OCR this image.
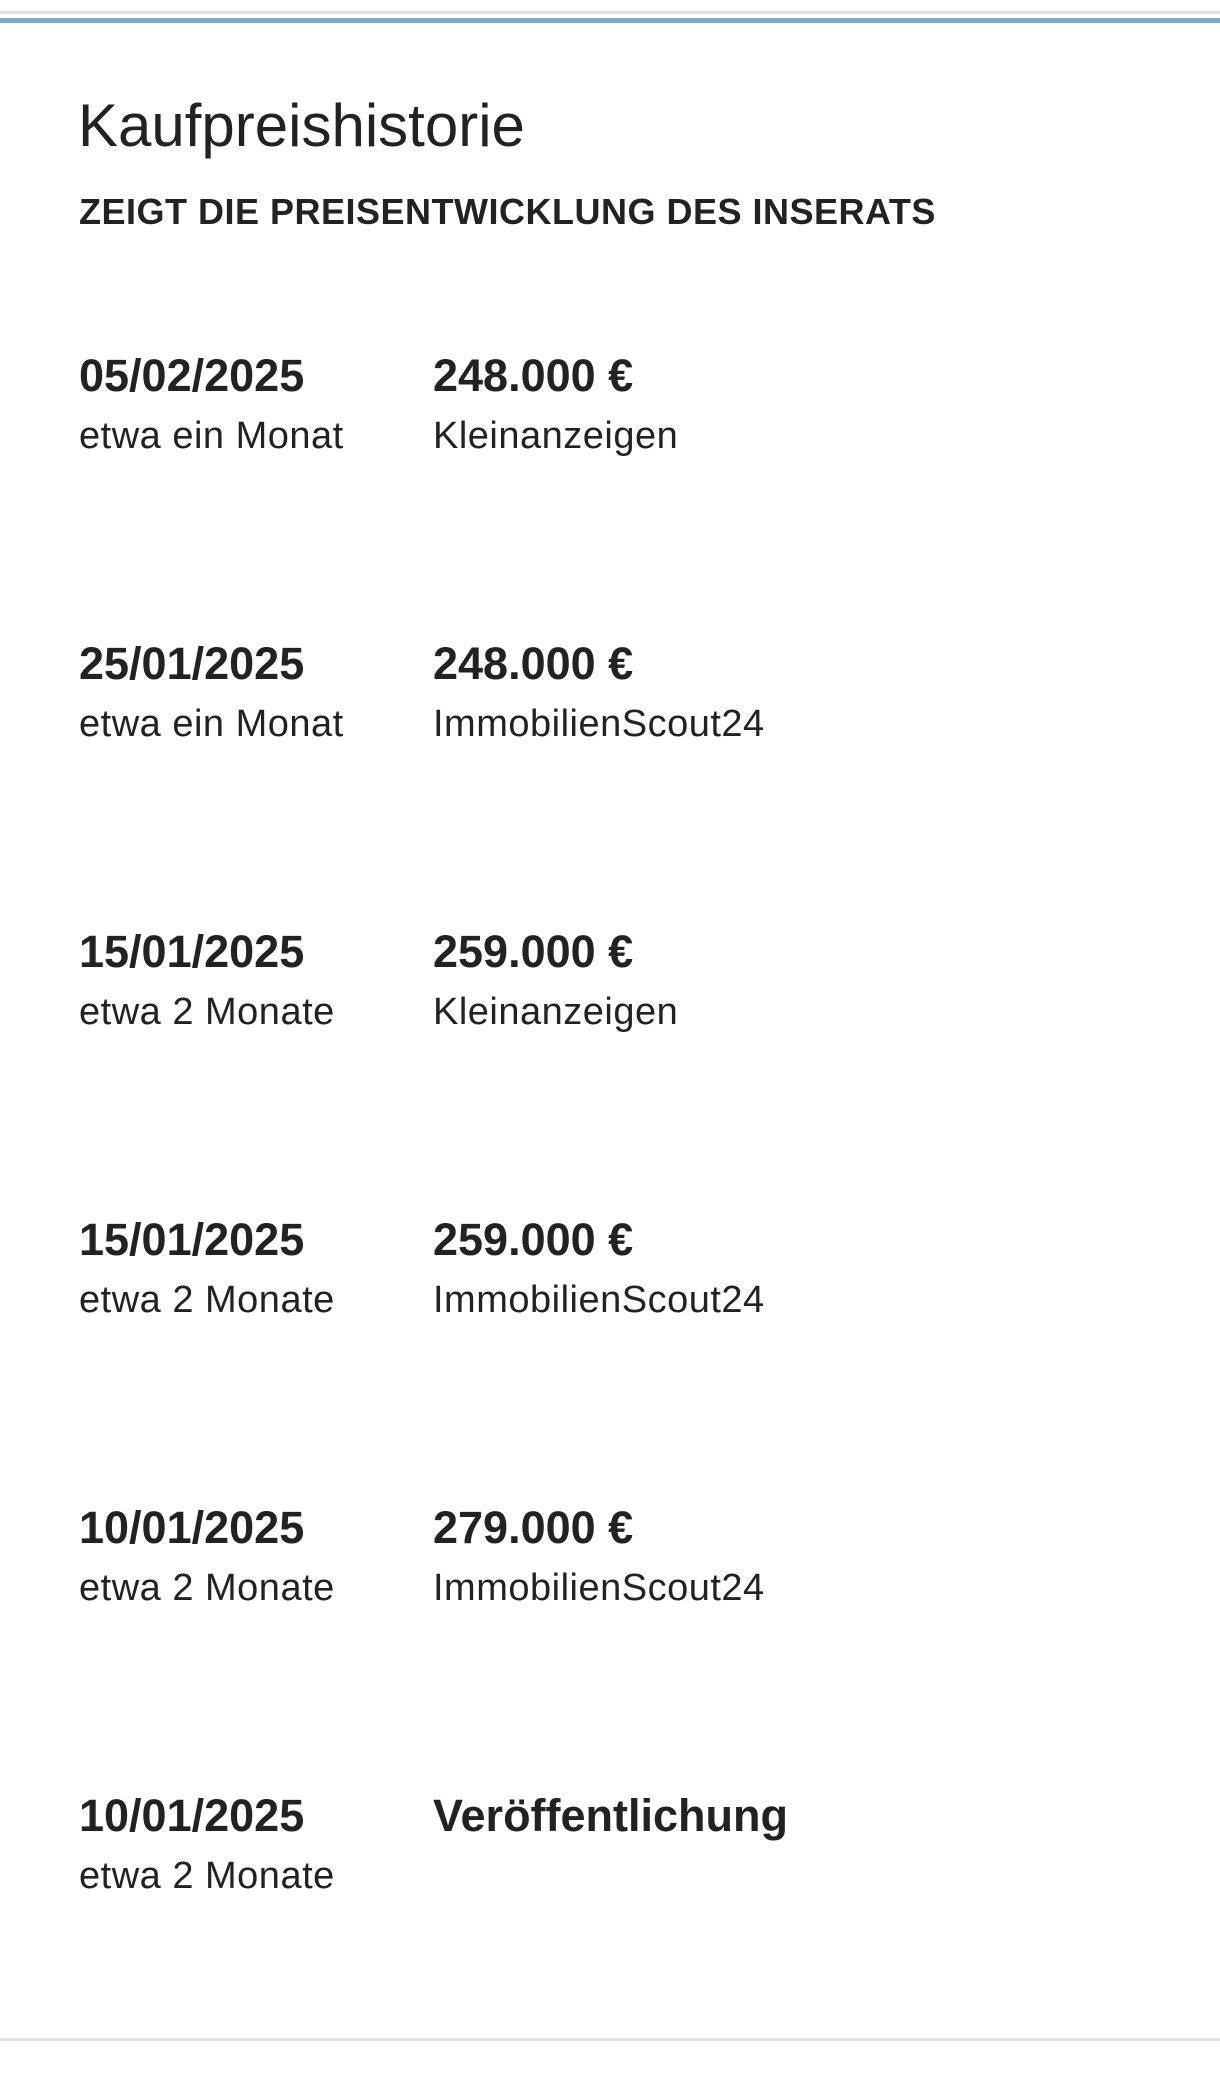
Kaufpreishistorie
ZEIGT DIE PREISENTWICKLUNG DES INSERATS
05/02/2025
etwa ein Monat
248.000 €
Kleinanzeigen
25/01/2025
etwa ein Monat
248.000 €
ImmobilienScout24
15/01/2025
etwa 2 Monate
259.000 €
Kleinanzeigen
15/01/2025
etwa 2 Monate
259.000 €
ImmobilienScout24
10/01/2025
etwa 2 Monate
279.000 €
ImmobilienScout24
10/01/2025
etwa 2 Monate
Veröffentlichung
